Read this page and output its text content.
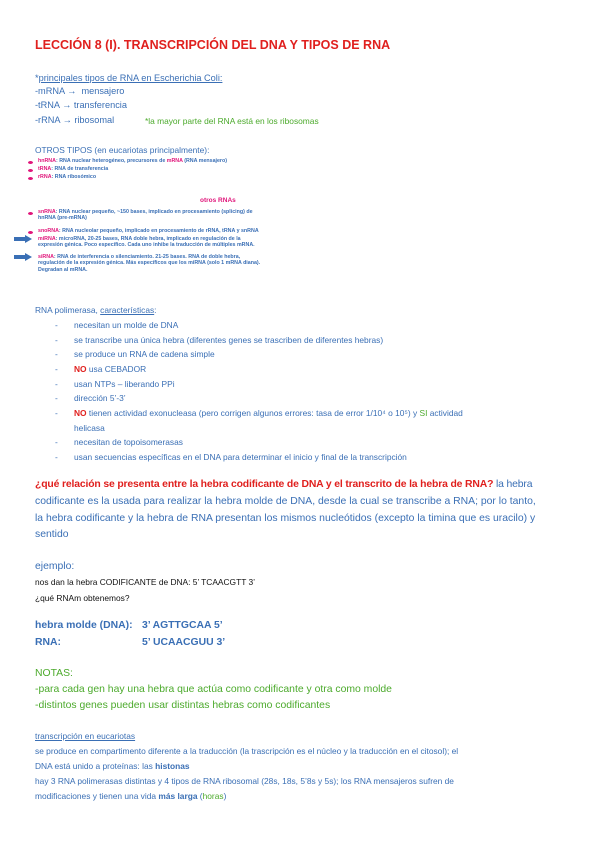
LECCIÓN 8 (I). TRANSCRIPCIÓN DEL DNA Y TIPOS DE RNA
*principales tipos de RNA en Escherichia Coli:
-mRNA → mensajero
-tRNA → transferencia
-rRNA → ribosomal	*la mayor parte del RNA está en los ribosomas
OTROS TIPOS (en eucariotas principalmente):
hnRNA: RNA nuclear heterogéneo, precursores de mRNA (RNA mensajero)
tRNA: RNA de transferencia
rRNA: RNA ribosómico
otros RNAs
snRNA: RNA nuclear pequeño, ~150 bases, implicado en procesamiento (splicing) de
hnRNA (pre-mRNA)
snoRNA: RNA nucleolar pequeño, implicado en procesamiento de rRNA, tRNA y snRNA
miRNA: microRNA, 20-25 bases, RNA doble hebra, implicado en regulación de la
expresión génica. Poco específico. Cada uno inhibe la traducción de múltiples mRNA.
siRNA: RNA de interferencia o silenciamiento. 21-25 bases. RNA de doble hebra,
regulación de la expresión génica. Más específicos que los miRNA (solo 1 mRNA diana).
Degradan al mRNA.
RNA polimerasa, características:
- necesitan un molde de DNA
- se transcribe una única hebra (diferentes genes se trascriben de diferentes hebras)
- se produce un RNA de cadena simple
- NO usa CEBADOR
- usan NTPs – liberando PPi
- dirección 5’-3’
- NO tienen actividad exonucleasa (pero corrigen algunos errores: tasa de error 1/10⁴ o 10⁵) y SI actividad
helicasa
- necesitan de topoisomerasas
- usan secuencias específicas en el DNA para determinar el inicio y final de la transcripción
¿qué relación se presenta entre la hebra codificante de DNA y el transcrito de la hebra de RNA? la hebra
codificante es la usada para realizar la hebra molde de DNA, desde la cual se transcribe a RNA; por lo tanto,
la hebra codificante y la hebra de RNA presentan los mismos nucleótidos (excepto la timina que es uracilo) y
sentido
ejemplo:
nos dan la hebra CODIFICANTE de DNA: 5’ TCAACGTT 3’
¿qué RNAm obtenemos?
hebra molde (DNA): 3’ AGTTGCAA 5’
RNA:	5’ UCAACGUU 3’
NOTAS:
-para cada gen hay una hebra que actúa como codificante y otra como molde
-distintos genes pueden usar distintas hebras como codificantes
transcripción en eucariotas
se produce en compartimento diferente a la traducción (la trascripción es el núcleo y la traducción en el citosol); el
DNA está unido a proteínas: las histonas
hay 3 RNA polimerasas distintas y 4 tipos de RNA ribosomal (28s, 18s, 5’8s y 5s); los RNA mensajeros sufren de
modificaciones y tienen una vida más larga (horas)
